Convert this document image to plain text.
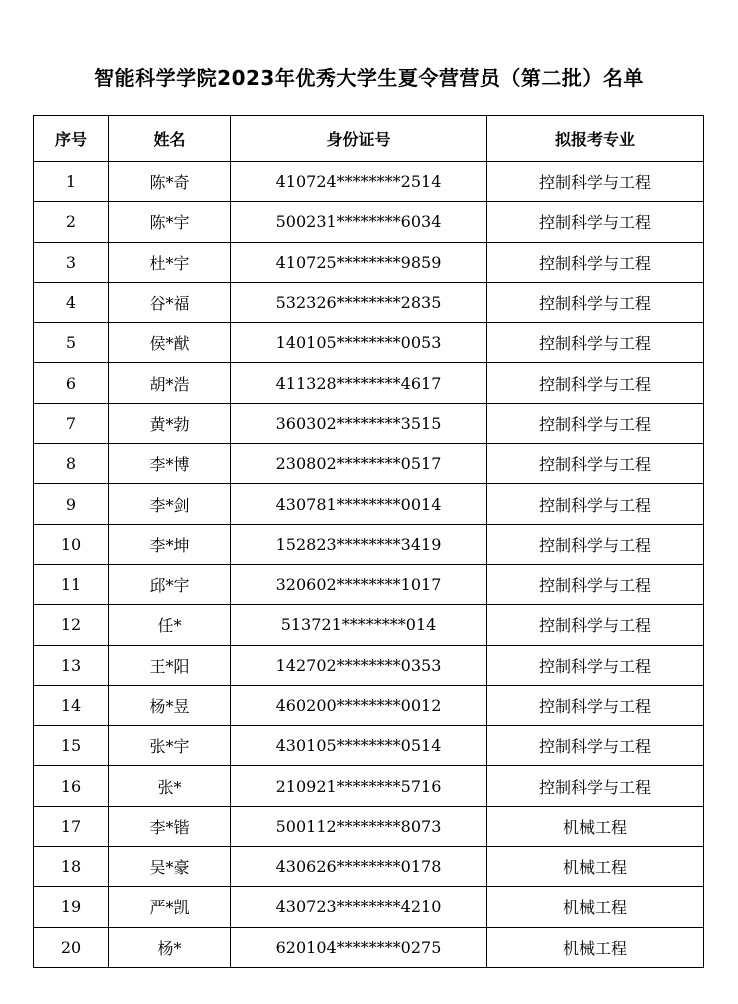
智能科学学院2023年优秀大学生夏令营营员（第二批）名单
序号	姓名	身份证号	拟报考专业
1	陈*奇	410724********2514	控制科学与工程
2	陈*宇	500231********6034	控制科学与工程
3	杜*宇	410725********9859	控制科学与工程
4	谷*福	532326********2835	控制科学与工程
5	侯*猷	140105********0053	控制科学与工程
6	胡*浩	411328********4617	控制科学与工程
7	黄*勃	360302********3515	控制科学与工程
8	李*博	230802********0517	控制科学与工程
9	李*剑	430781********0014	控制科学与工程
10	李*坤	152823********3419	控制科学与工程
11	邱*宇	320602********1017	控制科学与工程
12	任*	513721********014	控制科学与工程
13	王*阳	142702********0353	控制科学与工程
14	杨*昱	460200********0012	控制科学与工程
15	张*宇	430105********0514	控制科学与工程
16	张*	210921********5716	控制科学与工程
17	李*锴	500112********8073	机械工程
18	吴*豪	430626********0178	机械工程
19	严*凯	430723********4210	机械工程
20	杨*	620104********0275	机械工程
